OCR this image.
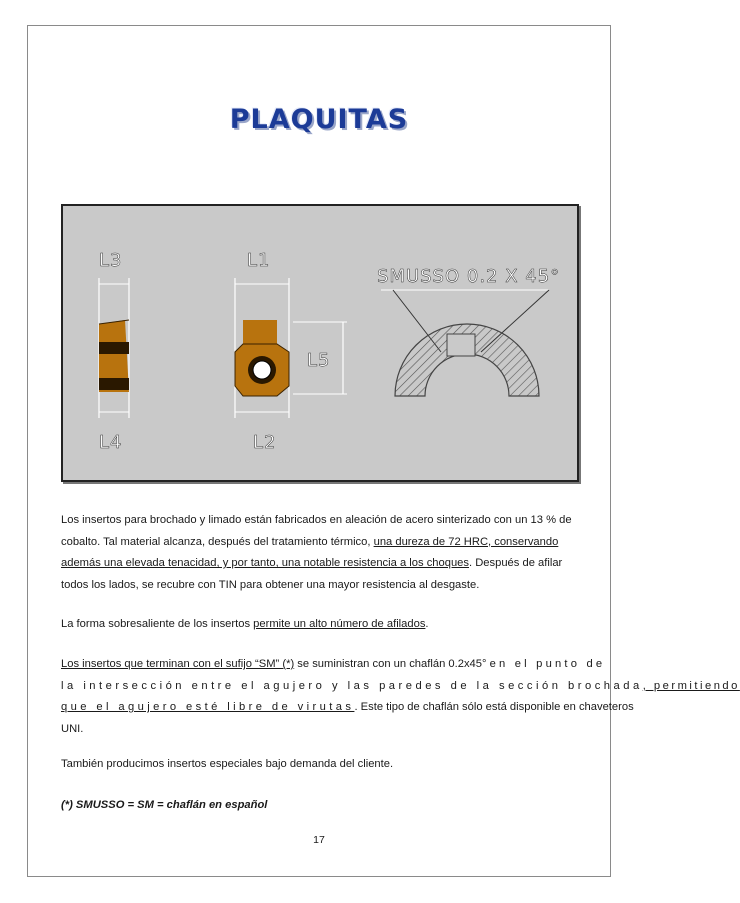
PLAQUITAS
L3	L1
L4	L2
L5
SMUSSO 0.2 X 45°
Los insertos para brochado y limado están fabricados en aleación de acero sinterizado con un 13 % de
cobalto. Tal material alcanza, después del tratamiento térmico, una dureza de 72 HRC, conservando
además una elevada tenacidad, y por tanto, una notable resistencia a los choques. Después de afilar
todos los lados, se recubre con TIN para obtener una mayor resistencia al desgaste.
La forma sobresaliente de los insertos permite un alto número de afilados.
Los insertos que terminan con el sufijo “SM” (*) se suministran con un chaflán 0.2x45° en el punto de
la intersección entre el agujero y las paredes de la sección brochada, permitiendo
que el agujero esté libre de virutas. Este tipo de chaflán sólo está disponible en chaveteros
UNI.
También producimos insertos especiales bajo demanda del cliente.
(*) SMUSSO = SM = chaflán en español
17
